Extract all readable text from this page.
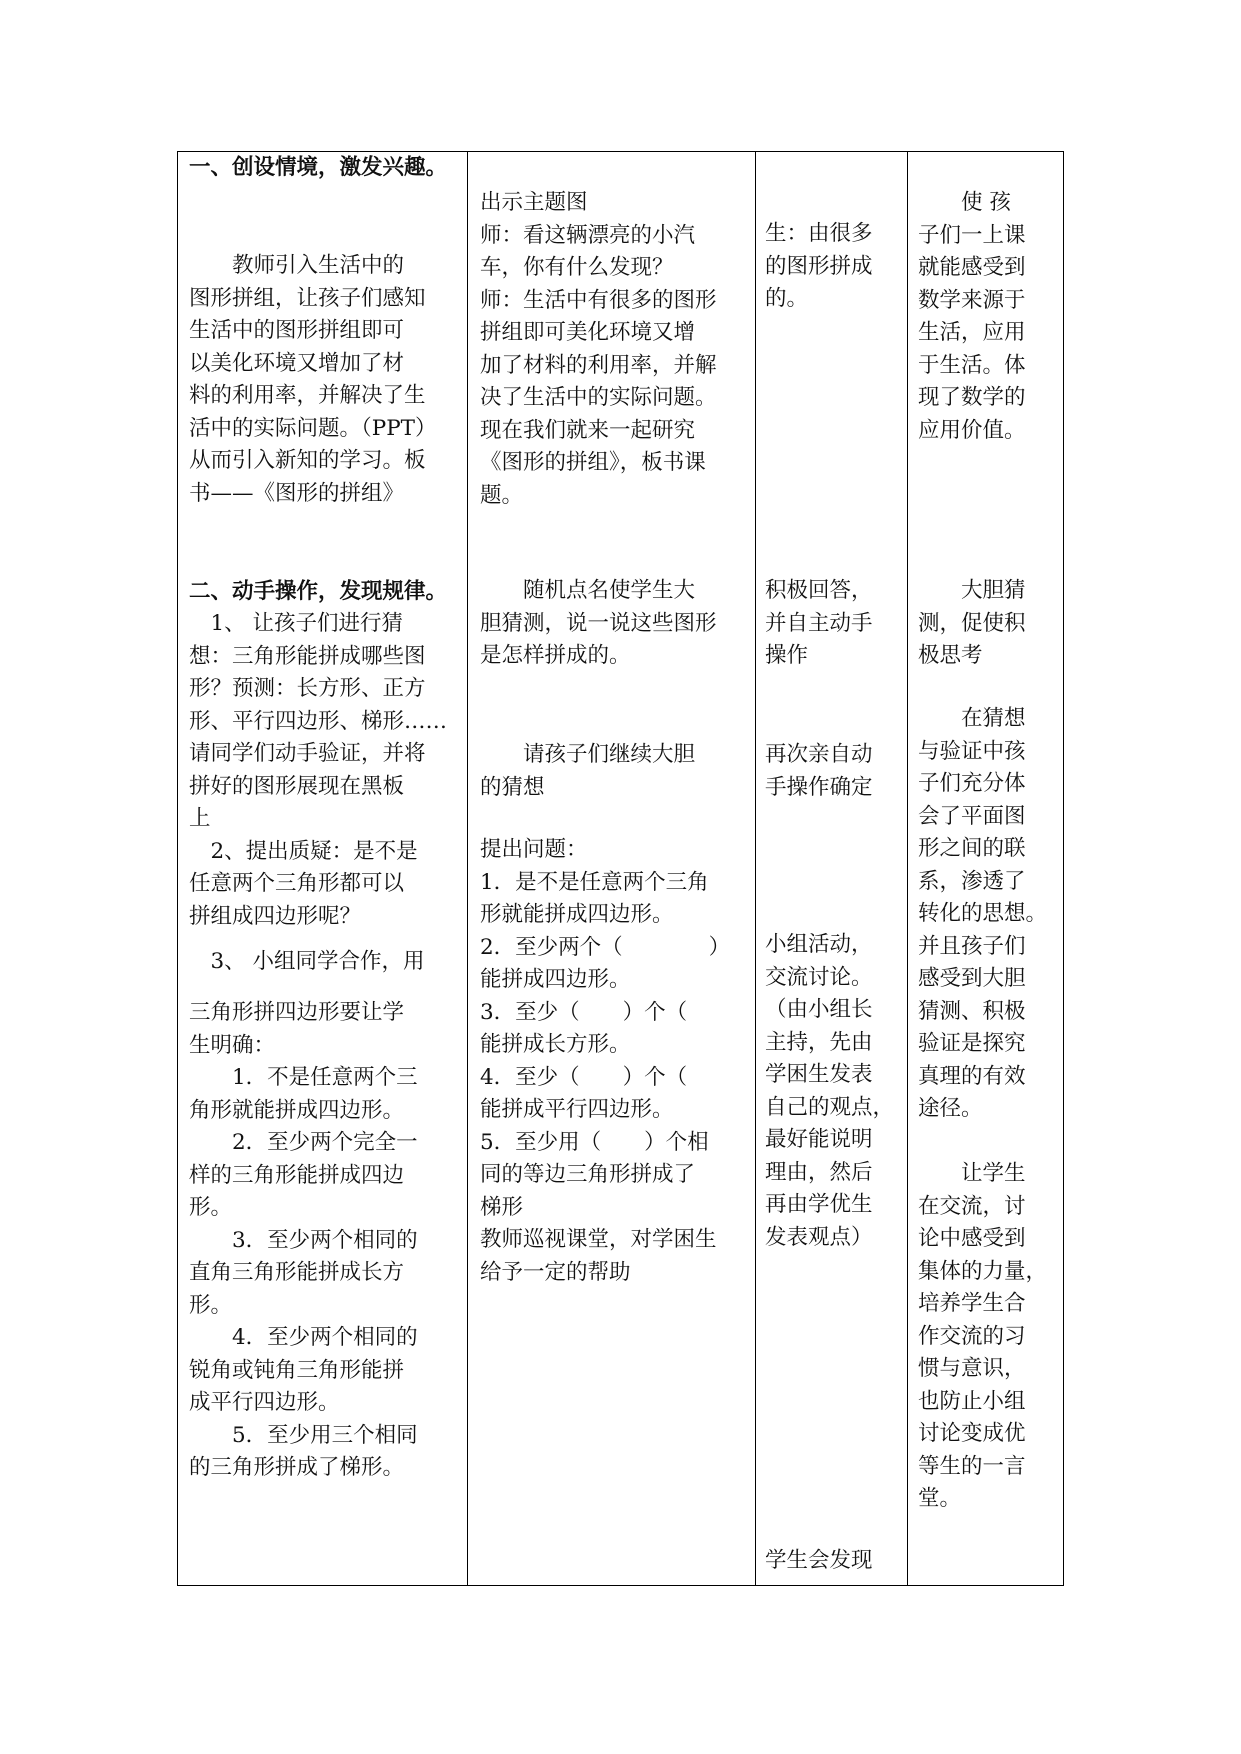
一、创设情境，激发兴趣。
　　教师引入生活中的
图形拼组，让孩子们感知
生活中的图形拼组即可
以美化环境又增加了材
料的利用率，并解决了生
活中的实际问题。（PPT）
从而引入新知的学习。板
书——《图形的拼组》
二、动手操作，发现规律。
　1、 让孩子们进行猜
想：三角形能拼成哪些图
形？预测：长方形、正方
形、平行四边形、梯形……
请同学们动手验证，并将
拼好的图形展现在黑板
上
　2、提出质疑：是不是
任意两个三角形都可以
拼组成四边形呢？
　3、 小组同学合作，用
三角形拼四边形要让学
生明确：
　　1．不是任意两个三
角形就能拼成四边形。
　　2．至少两个完全一
样的三角形能拼成四边
形。
　　3．至少两个相同的
直角三角形能拼成长方
形。
　　4．至少两个相同的
锐角或钝角三角形能拼
成平行四边形。
　　5．至少用三个相同
的三角形拼成了梯形。
出示主题图
师：看这辆漂亮的小汽
车，你有什么发现？
师：生活中有很多的图形
拼组即可美化环境又增
加了材料的利用率，并解
决了生活中的实际问题。
现在我们就来一起研究
《图形的拼组》，板书课
题。
　　随机点名使学生大
胆猜测，说一说这些图形
是怎样拼成的。
　　请孩子们继续大胆
的猜想
提出问题：
1．是不是任意两个三角
形就能拼成四边形。
2．至少两个（　　　　）
能拼成四边形。
3．至少（　　）个（
能拼成长方形。
4．至少（　　）个（
能拼成平行四边形。
5．至少用（　　）个相
同的等边三角形拼成了
梯形
教师巡视课堂，对学困生
给予一定的帮助
生：由很多
的图形拼成
的。
积极回答，
并自主动手
操作
再次亲自动
手操作确定
小组活动，
交流讨论。
（由小组长
主持，先由
学困生发表
自己的观点，
最好能说明
理由，然后
再由学优生
发表观点）
学生会发现
　　使 孩
子们一上课
就能感受到
数学来源于
生活，应用
于生活。体
现了数学的
应用价值。
　　大胆猜
测，促使积
极思考
　　在猜想
与验证中孩
子们充分体
会了平面图
形之间的联
系，渗透了
转化的思想。
并且孩子们
感受到大胆
猜测、积极
验证是探究
真理的有效
途径。
　　让学生
在交流，讨
论中感受到
集体的力量，
培养学生合
作交流的习
惯与意识，
也防止小组
讨论变成优
等生的一言
堂。
